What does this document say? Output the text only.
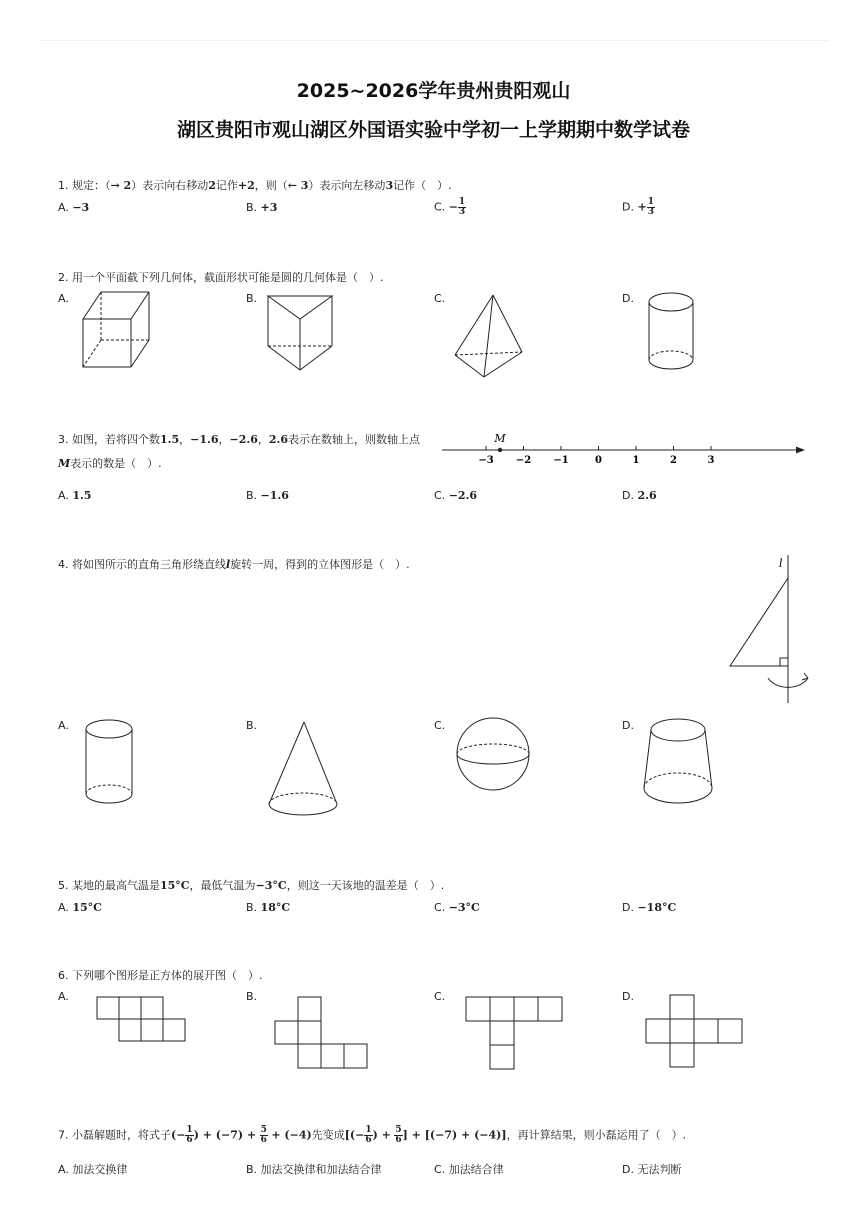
2025~2026学年贵州贵阳观山
湖区贵阳市观山湖区外国语实验中学初一上学期期中数学试卷
1. 规定：（→ 2）表示向右移动2记作+2，则（← 3）表示向左移动3记作（　）.
A. −3	B. +3	C. − $\frac{1}{3}$	D. + $\frac{1}{3}$
2. 用一个平面截下列几何体，截面形状可能是圆的几何体是（　）.
A.	B.	C.	D.
3. 如图，若将四个数1.5，−1.6，−2.6，2.6表示在数轴上，则数轴上点
M表示的数是（　）.	−3 −2 −1	0	1	2	3
M
A. 1.5	B. −1.6	C. −2.6	D. 2.6
4. 将如图所示的直角三角形绕直线l旋转一周，得到的立体图形是（　）.	l
A.	B.	C.	D.
5. 某地的最高气温是15°C，最低气温为−3°C，则这一天该地的温差是（　）.
A. 15°C	B. 18°C	C. −3°C	D. −18°C
6. 下列哪个图形是正方体的展开图（　）.
A.	B.	C.	D.
7. 小磊解题时，将式子(− $\frac{1}{6}$ ) + $(-7) + \frac{5}{6} + (-4)$先变成[(− $\frac{1}{6}$ ) + $\frac{5}{6}$ ] + [(−7) + (−4)]，再计算结果，则小磊运用了（　）.
A. 加法交换律	B. 加法交换律和加法结合律	C. 加法结合律	D. 无法判断
